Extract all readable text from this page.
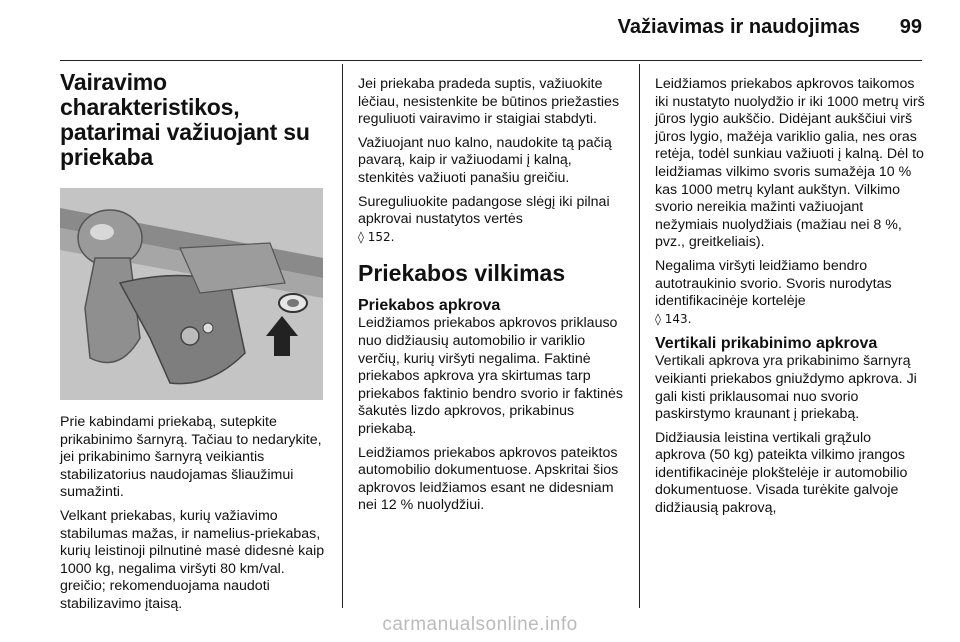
Važiavimas ir naudojimas	99
Vairavimo charakteristikos, patarimai važiuojant su priekaba

Prie kabindami priekabą, sutepkite prikabinimo šarnyrą. Tačiau to nedarykite, jei prikabinimo šarnyrą veikiantis stabilizatorius naudojamas šliaužimui sumažinti.

Velkant priekabas, kurių važiavimo stabilumas mažas, ir namelius-priekabas, kurių leistinoji pilnutinė masė didesnė kaip 1000 kg, negalima viršyti 80 km/val. greičio; rekomenduojama naudoti stabilizavimo įtaisą.

Jei priekaba pradeda suptis, važiuokite lėčiau, nesistenkite be būtinos priežasties reguliuoti vairavimo ir staigiai stabdyti.

Važiuojant nuo kalno, naudokite tą pačią pavarą, kaip ir važiuodami į kalną, stenkitės važiuoti panašiu greičiu.

Sureguliuokite padangose slėgį iki pilnai apkrovai nustatytos vertės
◊ 152.

Priekabos vilkimas
Priekabos apkrova

Leidžiamos priekabos apkrovos priklauso nuo didžiausių automobilio ir variklio verčių, kurių viršyti negalima. Faktinė priekabos apkrova yra skirtumas tarp priekabos faktinio bendro svorio ir faktinės šakutės lizdo apkrovos, prikabinus priekabą.

Leidžiamos priekabos apkrovos pateiktos automobilio dokumentuose. Apskritai šios apkrovos leidžiamos esant ne didesniam nei 12 % nuolydžiui.

Leidžiamos priekabos apkrovos taikomos iki nustatyto nuolydžio ir iki 1000 metrų virš jūros lygio aukščio. Didėjant aukščiui virš jūros lygio, mažėja variklio galia, nes oras retėja, todėl sunkiau važiuoti į kalną. Dėl to leidžiamas vilkimo svoris sumažėja 10 % kas 1000 metrų kylant aukštyn. Vilkimo svorio nereikia mažinti važiuojant nežymiais nuolydžiais (mažiau nei 8 %, pvz., greitkeliais).

Negalima viršyti leidžiamo bendro autotraukinio svorio. Svoris nurodytas identifikacinėje kortelėje
◊ 143.

Vertikali prikabinimo apkrova

Vertikali apkrova yra prikabinimo šarnyrą veikianti priekabos gniuždymo apkrova. Ji gali kisti priklausomai nuo svorio paskirstymo kraunant į priekabą.

Didžiausia leistina vertikali grąžulo apkrova (50 kg) pateikta vilkimo įrangos identifikacinėje plokštelėje ir automobilio dokumentuose. Visada turėkite galvoje didžiausią pakrovą,

carmanualsonline.info
